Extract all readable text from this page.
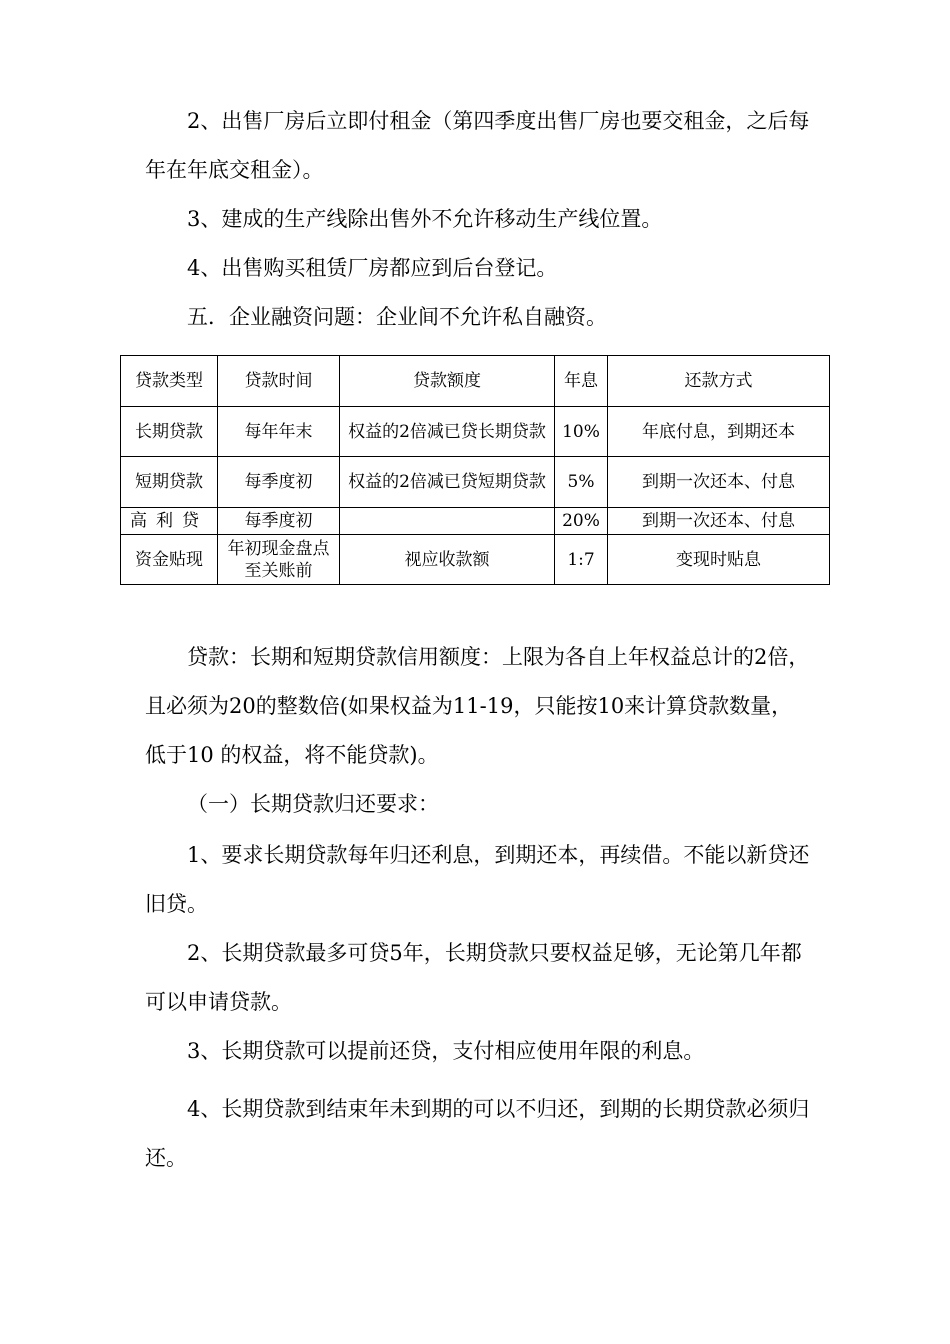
2、出售厂房后立即付租金（第四季度出售厂房也要交租金，之后每年在年底交租金）。

3、建成的生产线除出售外不允许移动生产线位置。

4、出售购买租赁厂房都应到后台登记。

五．企业融资问题：企业间不允许私自融资。

贷款类型	贷款时间	贷款额度	年息	还款方式
长期贷款	每年年末	权益的2倍减已贷长期贷款	10%	年底付息，到期还本
短期贷款	每季度初	权益的2倍减已贷短期贷款	5%	到期一次还本、付息
高利贷	每季度初		20%	到期一次还本、付息
资金贴现	年初现金盘点至关账前	视应收款额	1:7	变现时贴息

贷款：长期和短期贷款信用额度：上限为各自上年权益总计的2倍，且必须为20的整数倍(如果权益为11-19，只能按10来计算贷款数量，低于10 的权益，将不能贷款)。

（一）长期贷款归还要求：

1、要求长期贷款每年归还利息，到期还本，再续借。不能以新贷还旧贷。

2、长期贷款最多可贷5年，长期贷款只要权益足够，无论第几年都可以申请贷款。

3、长期贷款可以提前还贷，支付相应使用年限的利息。

4、长期贷款到结束年未到期的可以不归还，到期的长期贷款必须归还。
